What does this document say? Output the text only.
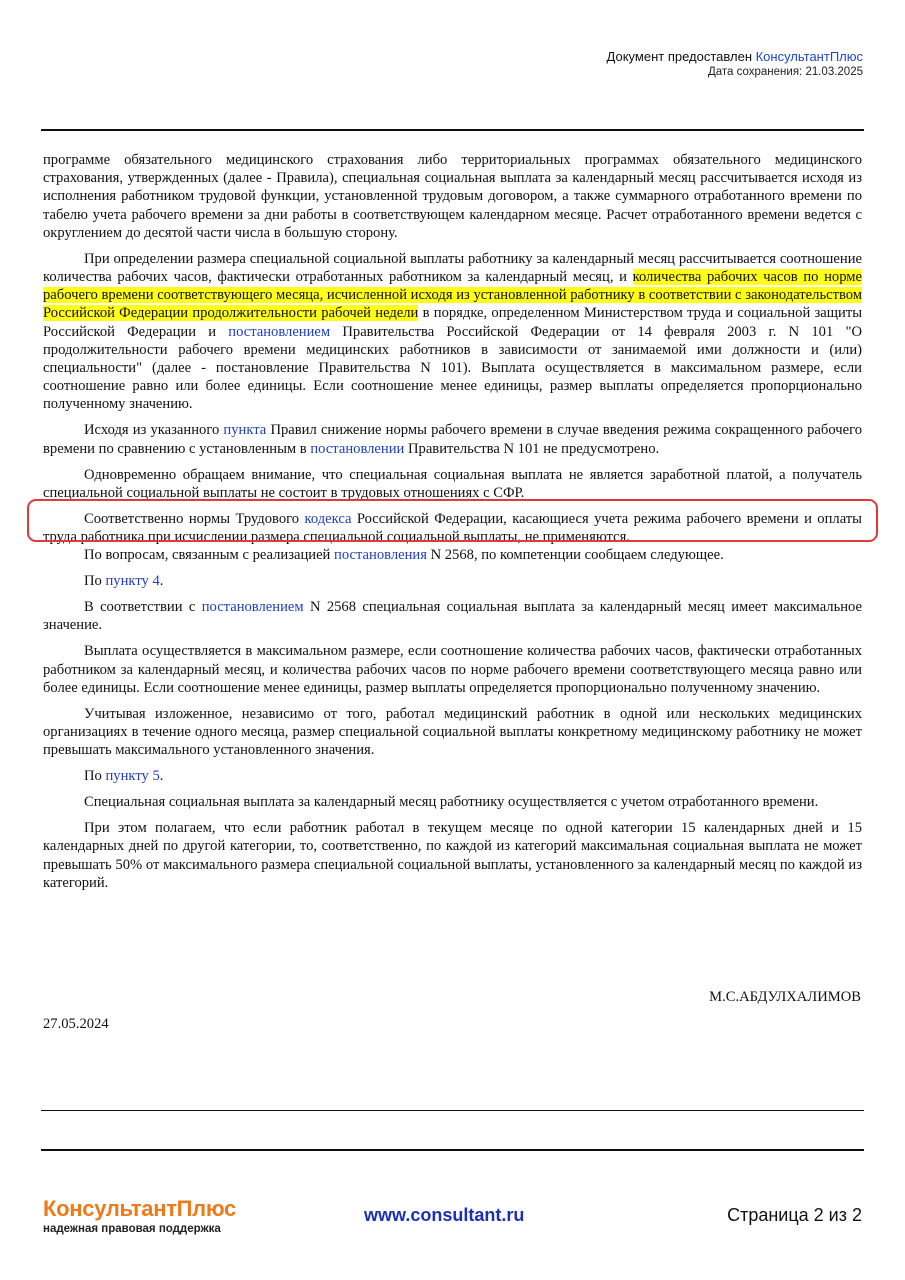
Документ предоставлен КонсультантПлюс
Дата сохранения: 21.03.2025

программе обязательного медицинского страхования либо территориальных программах обязательного медицинского страхования, утвержденных (далее - Правила), специальная социальная выплата за календарный месяц рассчитывается исходя из исполнения работником трудовой функции, установленной трудовым договором, а также суммарного отработанного времени по табелю учета рабочего времени за дни работы в соответствующем календарном месяце. Расчет отработанного времени ведется с округлением до десятой части числа в большую сторону.

При определении размера специальной социальной выплаты работнику за календарный месяц рассчитывается соотношение количества рабочих часов, фактически отработанных работником за календарный месяц, и количества рабочих часов по норме рабочего времени соответствующего месяца, исчисленной исходя из установленной работнику в соответствии с законодательством Российской Федерации продолжительности рабочей недели в порядке, определенном Министерством труда и социальной защиты Российской Федерации и постановлением Правительства Российской Федерации от 14 февраля 2003 г. N 101 "О продолжительности рабочего времени медицинских работников в зависимости от занимаемой ими должности и (или) специальности" (далее - постановление Правительства N 101). Выплата осуществляется в максимальном размере, если соотношение равно или более единицы. Если соотношение менее единицы, размер выплаты определяется пропорционально полученному значению.

Исходя из указанного пункта Правил снижение нормы рабочего времени в случае введения режима сокращенного рабочего времени по сравнению с установленным в постановлении Правительства N 101 не предусмотрено.

Одновременно обращаем внимание, что специальная социальная выплата не является заработной платой, а получатель специальной социальной выплаты не состоит в трудовых отношениях с СФР.

Соответственно нормы Трудового кодекса Российской Федерации, касающиеся учета режима рабочего времени и оплаты труда работника при исчислении размера специальной социальной выплаты, не применяются.

По вопросам, связанным с реализацией постановления N 2568, по компетенции сообщаем следующее.

По пункту 4.

В соответствии с постановлением N 2568 специальная социальная выплата за календарный месяц имеет максимальное значение.

Выплата осуществляется в максимальном размере, если соотношение количества рабочих часов, фактически отработанных работником за календарный месяц, и количества рабочих часов по норме рабочего времени соответствующего месяца равно или более единицы. Если соотношение менее единицы, размер выплаты определяется пропорционально полученному значению.

Учитывая изложенное, независимо от того, работал медицинский работник в одной или нескольких медицинских организациях в течение одного месяца, размер специальной социальной выплаты конкретному медицинскому работнику не может превышать максимального установленного значения.

По пункту 5.

Специальная социальная выплата за календарный месяц работнику осуществляется с учетом отработанного времени.

При этом полагаем, что если работник работал в текущем месяце по одной категории 15 календарных дней и 15 календарных дней по другой категории, то, соответственно, по каждой из категорий максимальная социальная выплата не может превышать 50% от максимального размера специальной социальной выплаты, установленного за календарный месяц по каждой из категорий.

М.С.АБДУЛХАЛИМОВ
27.05.2024
КонсультантПлюс
надежная правовая поддержка
www.consultant.ru	Страница 2 из 2
